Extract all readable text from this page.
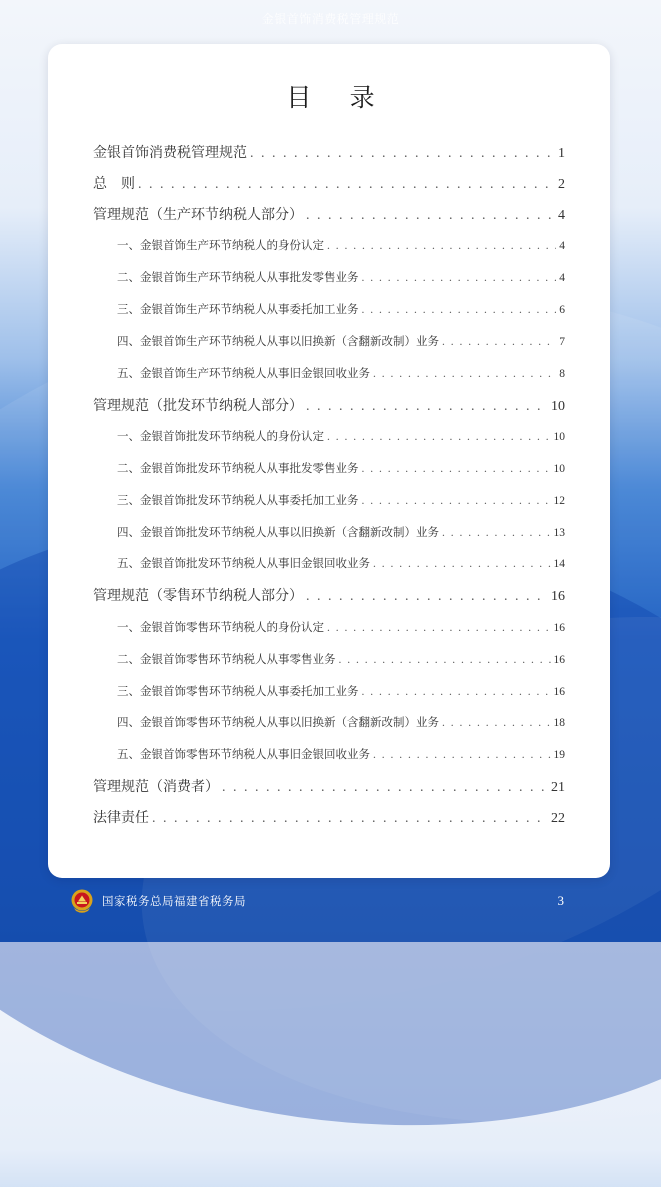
金银首饰消费税管理规范
目 录
金银首饰消费税管理规范 . . .	1
总　则 . . .	2
管理规范（生产环节纳税人部分） . . .	4
一、金银首饰生产环节纳税人的身份认定 . . .	4
二、金银首饰生产环节纳税人从事批发零售业务 . . .	4
三、金银首饰生产环节纳税人从事委托加工业务 . . .	6
四、金银首饰生产环节纳税人从事以旧换新（含翻新改制）业务 . . .	7
五、金银首饰生产环节纳税人从事旧金银回收业务 . . .	8
管理规范（批发环节纳税人部分） . . .	10
一、金银首饰批发环节纳税人的身份认定 . . .	10
二、金银首饰批发环节纳税人从事批发零售业务 . . .	10
三、金银首饰批发环节纳税人从事委托加工业务 . . .	12
四、金银首饰批发环节纳税人从事以旧换新（含翻新改制）业务 . . .	13
五、金银首饰批发环节纳税人从事旧金银回收业务 . . .	14
管理规范（零售环节纳税人部分） . . .	16
一、金银首饰零售环节纳税人的身份认定 . . .	16
二、金银首饰零售环节纳税人从事零售业务 . . .	16
三、金银首饰零售环节纳税人从事委托加工业务 . . .	16
四、金银首饰零售环节纳税人从事以旧换新（含翻新改制）业务 . . .	18
五、金银首饰零售环节纳税人从事旧金银回收业务 . . .	19
管理规范（消费者） . . .	21
法律责任 . . .	22
国家税务总局福建省税务局	3
